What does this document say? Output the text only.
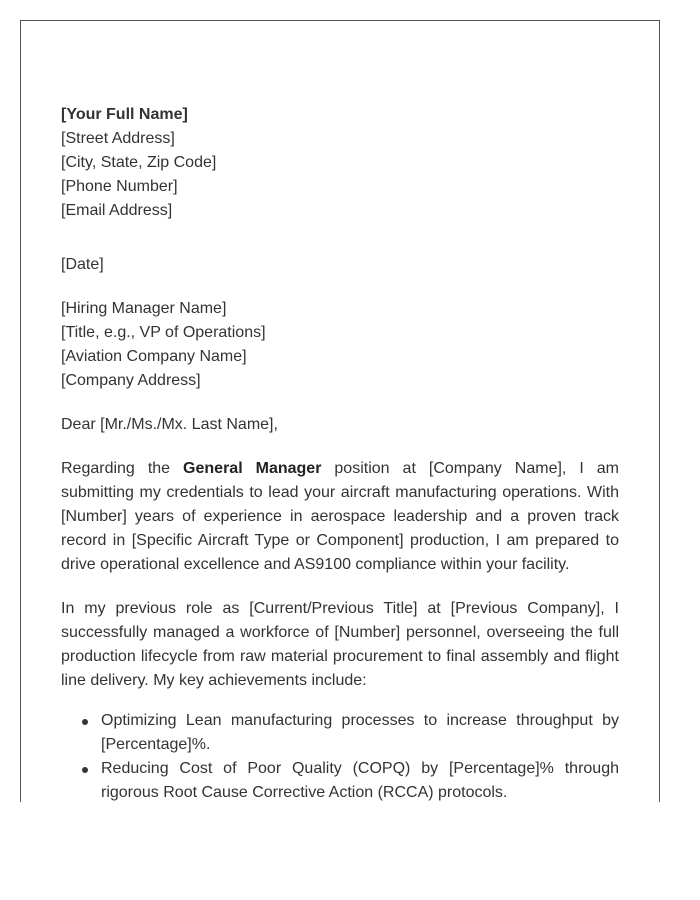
[Your Full Name]
[Street Address]
[City, State, Zip Code]
[Phone Number]
[Email Address]
[Date]
[Hiring Manager Name]
[Title, e.g., VP of Operations]
[Aviation Company Name]
[Company Address]
Dear [Mr./Ms./Mx. Last Name],

Regarding the General Manager position at [Company Name], I am submitting my credentials to lead your aircraft manufacturing operations. With [Number] years of experience in aerospace leadership and a proven track record in [Specific Aircraft Type or Component] production, I am prepared to drive operational excellence and AS9100 compliance within your facility.

In my previous role as [Current/Previous Title] at [Previous Company], I successfully managed a workforce of [Number] personnel, overseeing the full production lifecycle from raw material procurement to final assembly and flight line delivery. My key achievements include:

Optimizing Lean manufacturing processes to increase throughput by [Percentage]%.
Reducing Cost of Poor Quality (COPQ) by [Percentage]% through rigorous Root Cause Corrective Action (RCCA) protocols.
